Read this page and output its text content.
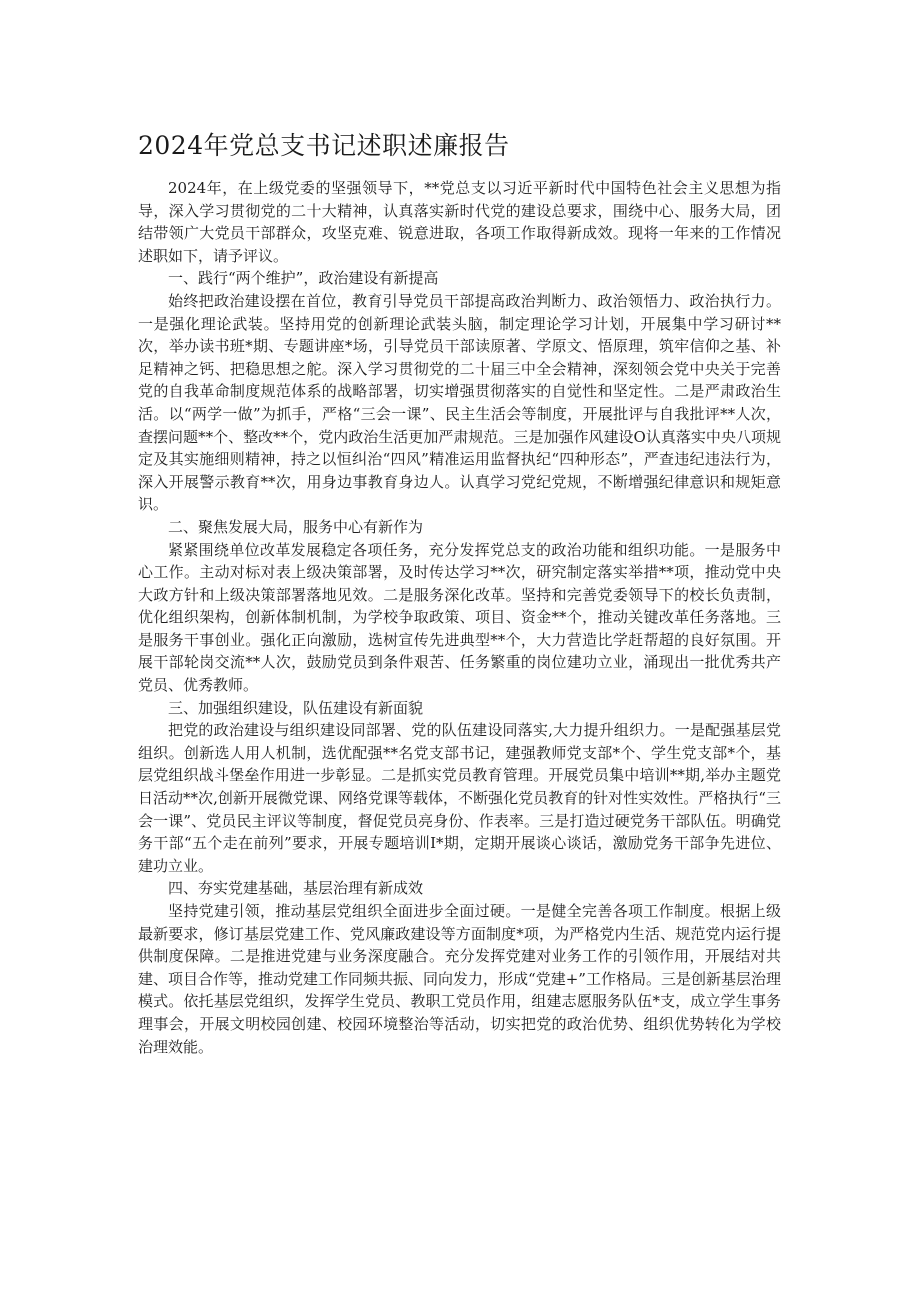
2024年党总支书记述职述廉报告

2024年，在上级党委的坚强领导下，**党总支以习近平新时代中国特色社会主义思想为指导，深入学习贯彻党的二十大精神，认真落实新时代党的建设总要求，围绕中心、服务大局，团结带领广大党员干部群众，攻坚克难、锐意进取，各项工作取得新成效。现将一年来的工作情况述职如下，请予评议。

一、践行“两个维护”，政治建设有新提高

始终把政治建设摆在首位，教育引导党员干部提高政治判断力、政治领悟力、政治执行力。一是强化理论武装。坚持用党的创新理论武装头脑，制定理论学习计划，开展集中学习研讨**次，举办读书班*期、专题讲座*场，引导党员干部读原著、学原文、悟原理，筑牢信仰之基、补足精神之钙、把稳思想之舵。深入学习贯彻党的二十届三中全会精神，深刻领会党中央关于完善党的自我革命制度规范体系的战略部署，切实增强贯彻落实的自觉性和坚定性。二是严肃政治生活。以“两学一做”为抓手，严格“三会一课”、民主生活会等制度，开展批评与自我批评**人次，查摆问题**个、整改**个，党内政治生活更加严肃规范。三是加强作风建设O认真落实中央八项规定及其实施细则精神，持之以恒纠治“四风”精准运用监督执纪“四种形态”，严查违纪违法行为，深入开展警示教育**次，用身边事教育身边人。认真学习党纪党规，不断增强纪律意识和规矩意识。

二、聚焦发展大局，服务中心有新作为

紧紧围绕单位改革发展稳定各项任务，充分发挥党总支的政治功能和组织功能。一是服务中心工作。主动对标对表上级决策部署，及时传达学习**次，研究制定落实举措**项，推动党中央大政方针和上级决策部署落地见效。二是服务深化改革。坚持和完善党委领导下的校长负责制，优化组织架构，创新体制机制，为学校争取政策、项目、资金**个，推动关键改革任务落地。三是服务干事创业。强化正向激励，选树宣传先进典型**个，大力营造比学赶帮超的良好氛围。开展干部轮岗交流**人次，鼓励党员到条件艰苦、任务繁重的岗位建功立业，涌现出一批优秀共产党员、优秀教师。

三、加强组织建设，队伍建设有新面貌

把党的政治建设与组织建设同部署、党的队伍建设同落实,大力提升组织力。一是配强基层党组织。创新选人用人机制，选优配强**名党支部书记，建强教师党支部*个、学生党支部*个，基层党组织战斗堡垒作用进一步彰显。二是抓实党员教育管理。开展党员集中培训**期,举办主题党日活动**次,创新开展微党课、网络党课等载体，不断强化党员教育的针对性实效性。严格执行“三会一课”、党员民主评议等制度，督促党员亮身份、作表率。三是打造过硬党务干部队伍。明确党务干部“五个走在前列”要求，开展专题培训I*期，定期开展谈心谈话，激励党务干部争先进位、建功立业。

四、夯实党建基础，基层治理有新成效

坚持党建引领，推动基层党组织全面进步全面过硬。一是健全完善各项工作制度。根据上级最新要求，修订基层党建工作、党风廉政建设等方面制度*项，为严格党内生活、规范党内运行提供制度保障。二是推进党建与业务深度融合。充分发挥党建对业务工作的引领作用，开展结对共建、项目合作等，推动党建工作同频共振、同向发力，形成“党建+”工作格局。三是创新基层治理模式。依托基层党组织，发挥学生党员、教职工党员作用，组建志愿服务队伍*支，成立学生事务理事会，开展文明校园创建、校园环境整治等活动，切实把党的政治优势、组织优势转化为学校治理效能。
